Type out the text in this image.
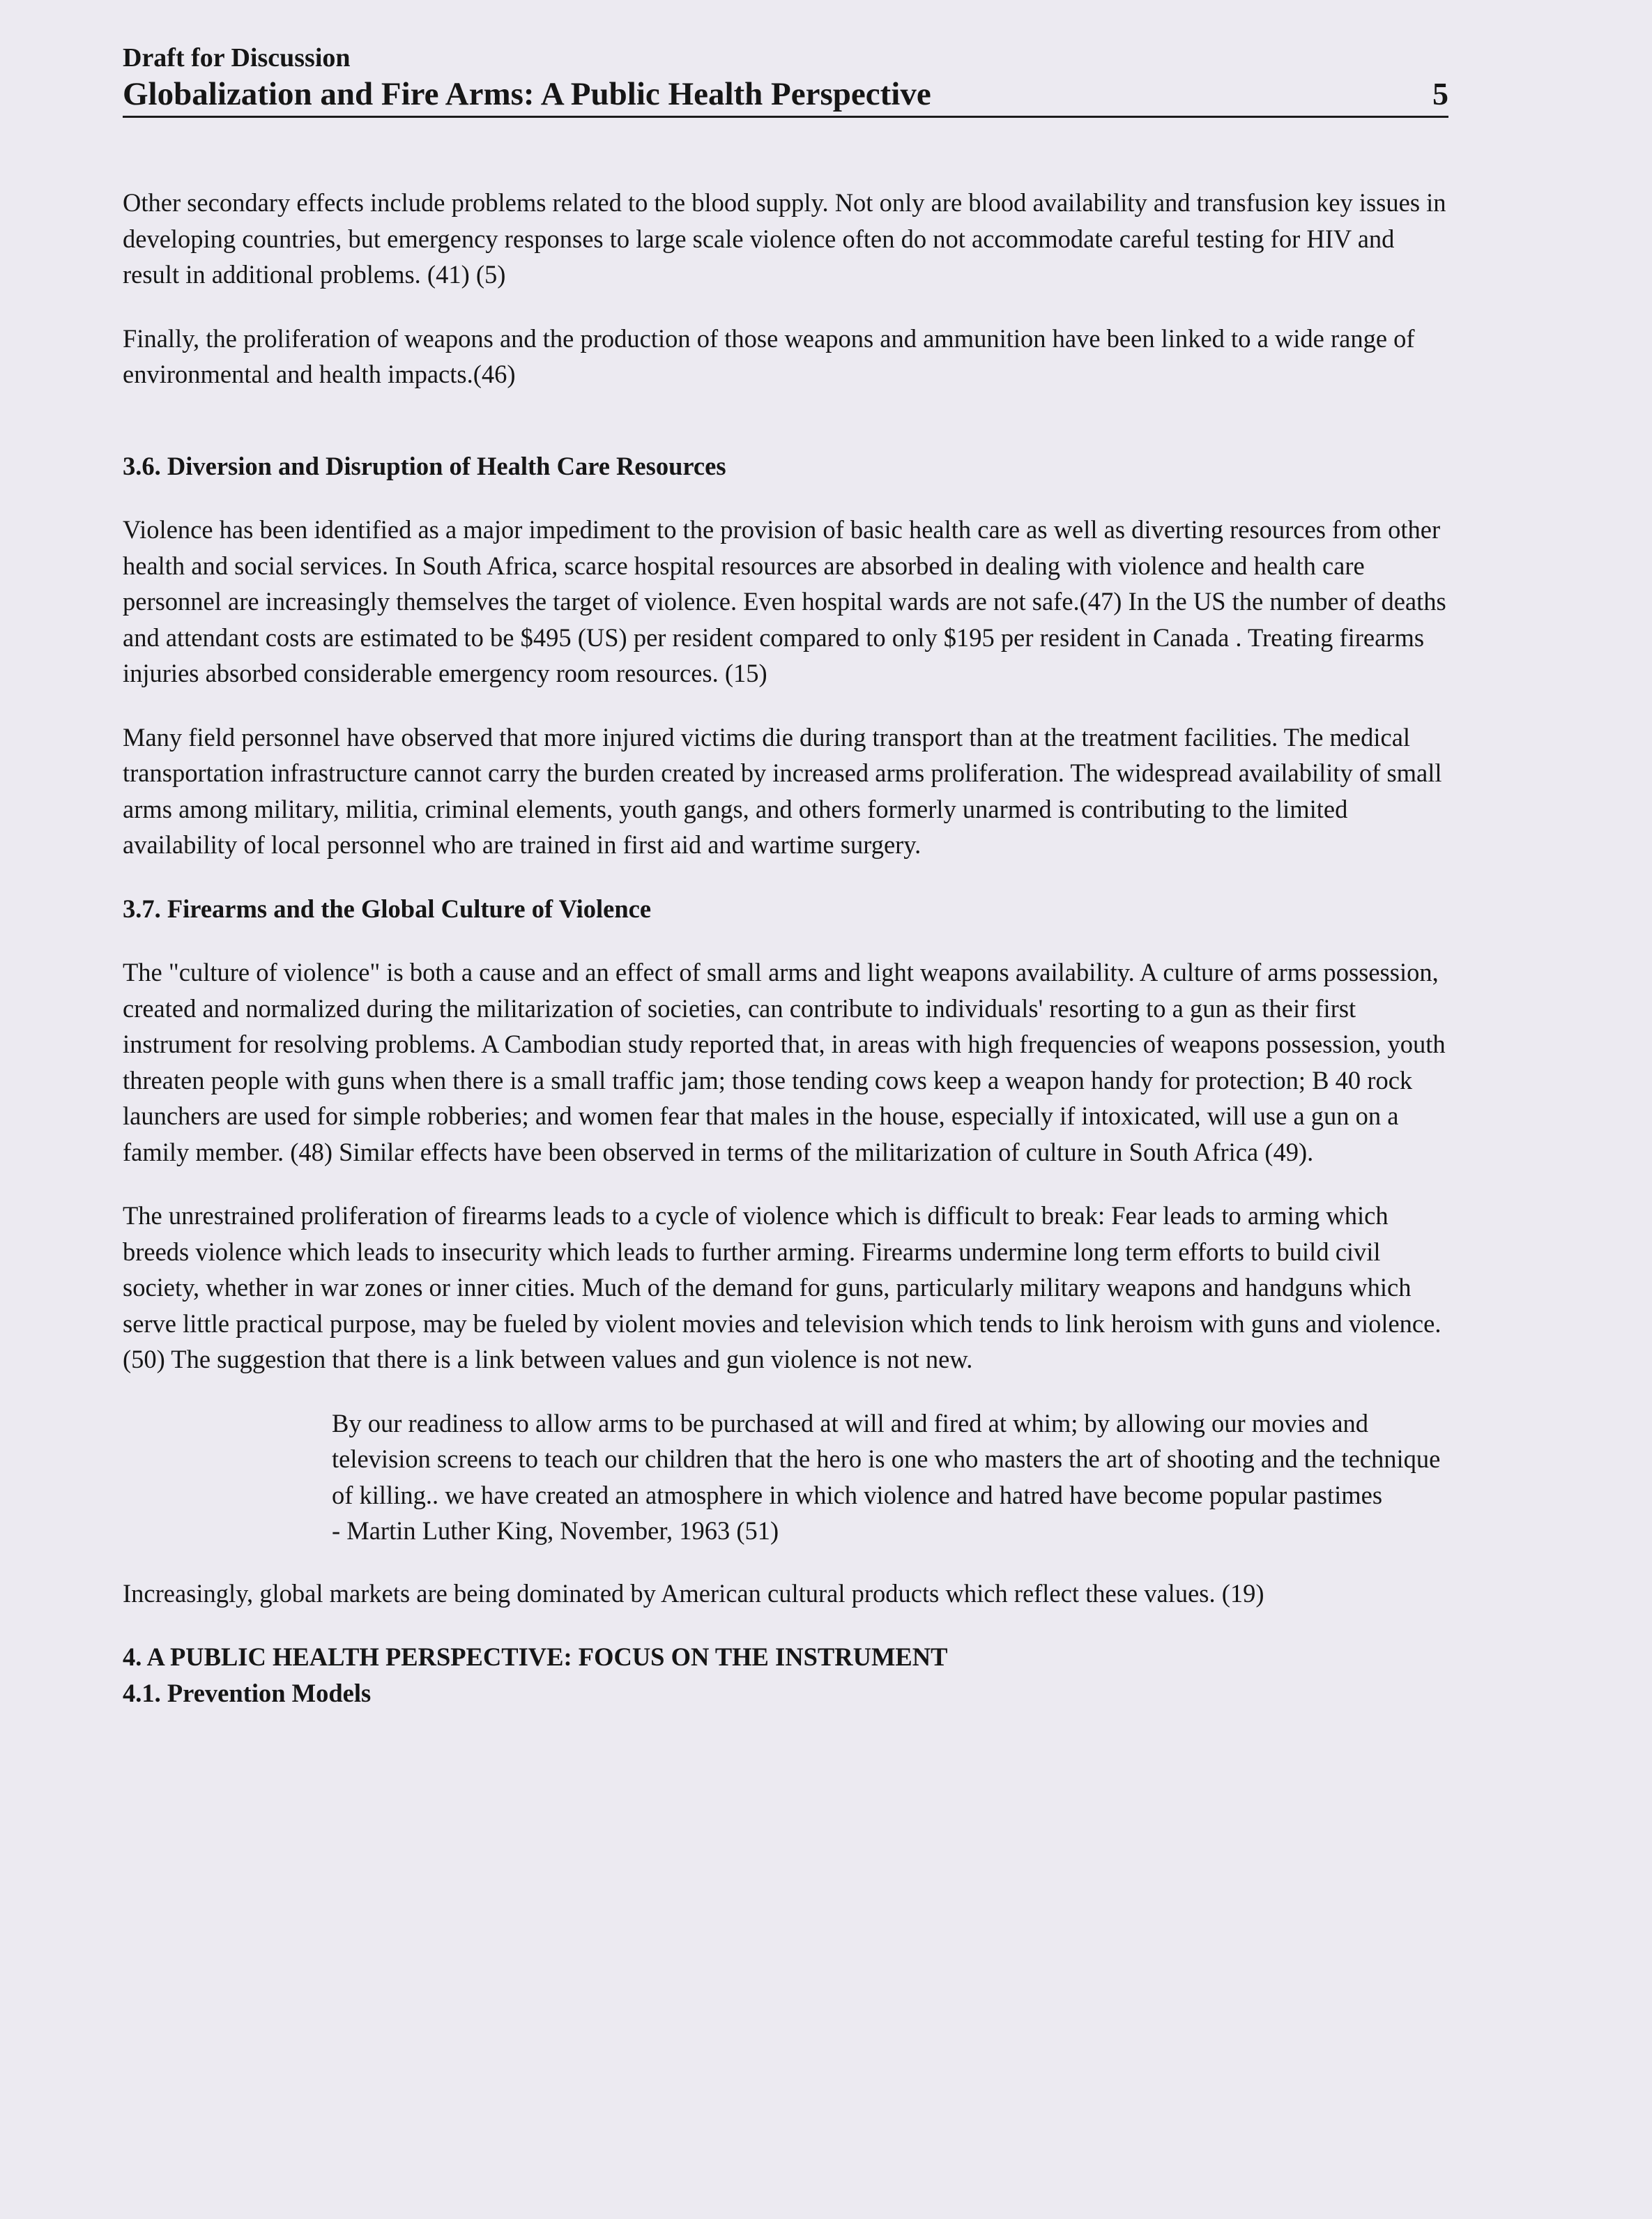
Draft for Discussion
Globalization and Fire Arms: A Public Health Perspective	5

Other secondary effects include problems related to the blood supply. Not only are blood availability and transfusion key issues in developing countries, but emergency responses to large scale violence often do not accommodate careful testing for HIV and result in additional problems. (41) (5)

Finally, the proliferation of weapons and the production of those weapons and ammunition have been linked to a wide range of environmental and health impacts.(46)

3.6. Diversion and Disruption of Health Care Resources

Violence has been identified as a major impediment to the provision of basic health care as well as diverting resources from other health and social services. In South Africa, scarce hospital resources are absorbed in dealing with violence and health care personnel are increasingly themselves the target of violence. Even hospital wards are not safe.(47) In the US the number of deaths and attendant costs are estimated to be $495 (US) per resident compared to only $195 per resident in Canada . Treating firearms injuries absorbed considerable emergency room resources. (15)

Many field personnel have observed that more injured victims die during transport than at the treatment facilities. The medical transportation infrastructure cannot carry the burden created by increased arms proliferation. The widespread availability of small arms among military, militia, criminal elements, youth gangs, and others formerly unarmed is contributing to the limited availability of local personnel who are trained in first aid and wartime surgery.

3.7. Firearms and the Global Culture of Violence

The "culture of violence" is both a cause and an effect of small arms and light weapons availability. A culture of arms possession, created and normalized during the militarization of societies, can contribute to individuals' resorting to a gun as their first instrument for resolving problems. A Cambodian study reported that, in areas with high frequencies of weapons possession, youth threaten people with guns when there is a small traffic jam; those tending cows keep a weapon handy for protection; B 40 rock launchers are used for simple robberies; and women fear that males in the house, especially if intoxicated, will use a gun on a family member. (48) Similar effects have been observed in terms of the militarization of culture in South Africa (49).

The unrestrained proliferation of firearms leads to a cycle of violence which is difficult to break: Fear leads to arming which breeds violence which leads to insecurity which leads to further arming. Firearms undermine long term efforts to build civil society, whether in war zones or inner cities. Much of the demand for guns, particularly military weapons and handguns which serve little practical purpose, may be fueled by violent movies and television which tends to link heroism with guns and violence.(50) The suggestion that there is a link between values and gun violence is not new.

By our readiness to allow arms to be purchased at will and fired at whim; by allowing our movies and television screens to teach our children that the hero is one who masters the art of shooting and the technique of killing.. we have created an atmosphere in which violence and hatred have become popular pastimes
- Martin Luther King, November, 1963 (51)

Increasingly, global markets are being dominated by American cultural products which reflect these values. (19)

4. A PUBLIC HEALTH PERSPECTIVE: FOCUS ON THE INSTRUMENT
4.1. Prevention Models
